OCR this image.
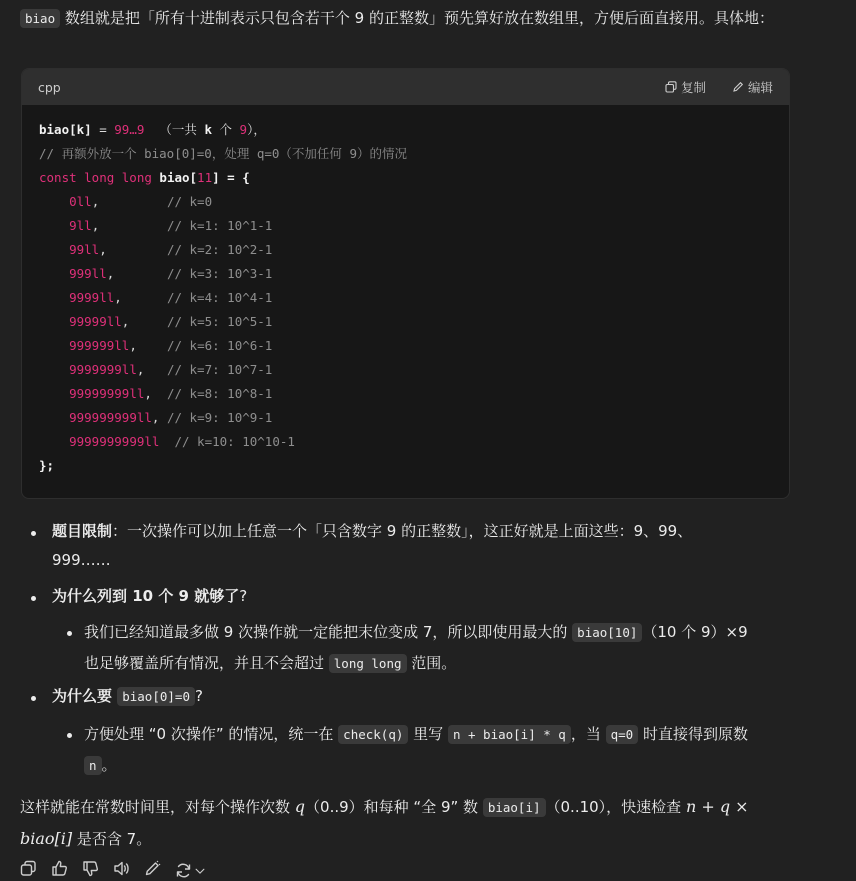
biao 数组就是把「所有十进制表示只包含若干个 9 的正整数」预先算好放在数组里，方便后面直接用。具体地：
cpp	复制	编辑
biao[k] = 99…9  （一共 k 个 9），
// 再额外放一个 biao[0]=0，处理 q=0（不加任何 9）的情况
const long long biao[11] = {
0ll,	// k=0
9ll,	// k=1: 10^1-1
99ll,	// k=2: 10^2-1
999ll,	// k=3: 10^3-1
9999ll,	// k=4: 10^4-1
99999ll,	// k=5: 10^5-1
999999ll, // k=6: 10^6-1
9999999ll, // k=7: 10^7-1
99999999ll, // k=8: 10^8-1
999999999ll, // k=9: 10^9-1
9999999999ll // k=10: 10^10-1
};
题目限制：一次操作可以加上任意一个「只含数字 9 的正整数」，这正好就是上面这些：9、99、
999……
为什么列到 10 个 9 就够了?
我们已经知道最多做 9 次操作就一定能把末位变成 7，所以即使用最大的 biao[10] （10 个 9）×9
也足够覆盖所有情况，并且不会超过 long long 范围。
为什么要 biao[0]=0 ?
方便处理 “0 次操作” 的情况，统一在 check(q) 里写 n + biao[i] * q ，当 q=0 时直接得到原数
n 。
这样就能在常数时间里，对每个操作次数 q（0..9）和每种 “全 9” 数 biao[i] （0..10），快速检查 n + q ×
biao[i] 是否含 7。
